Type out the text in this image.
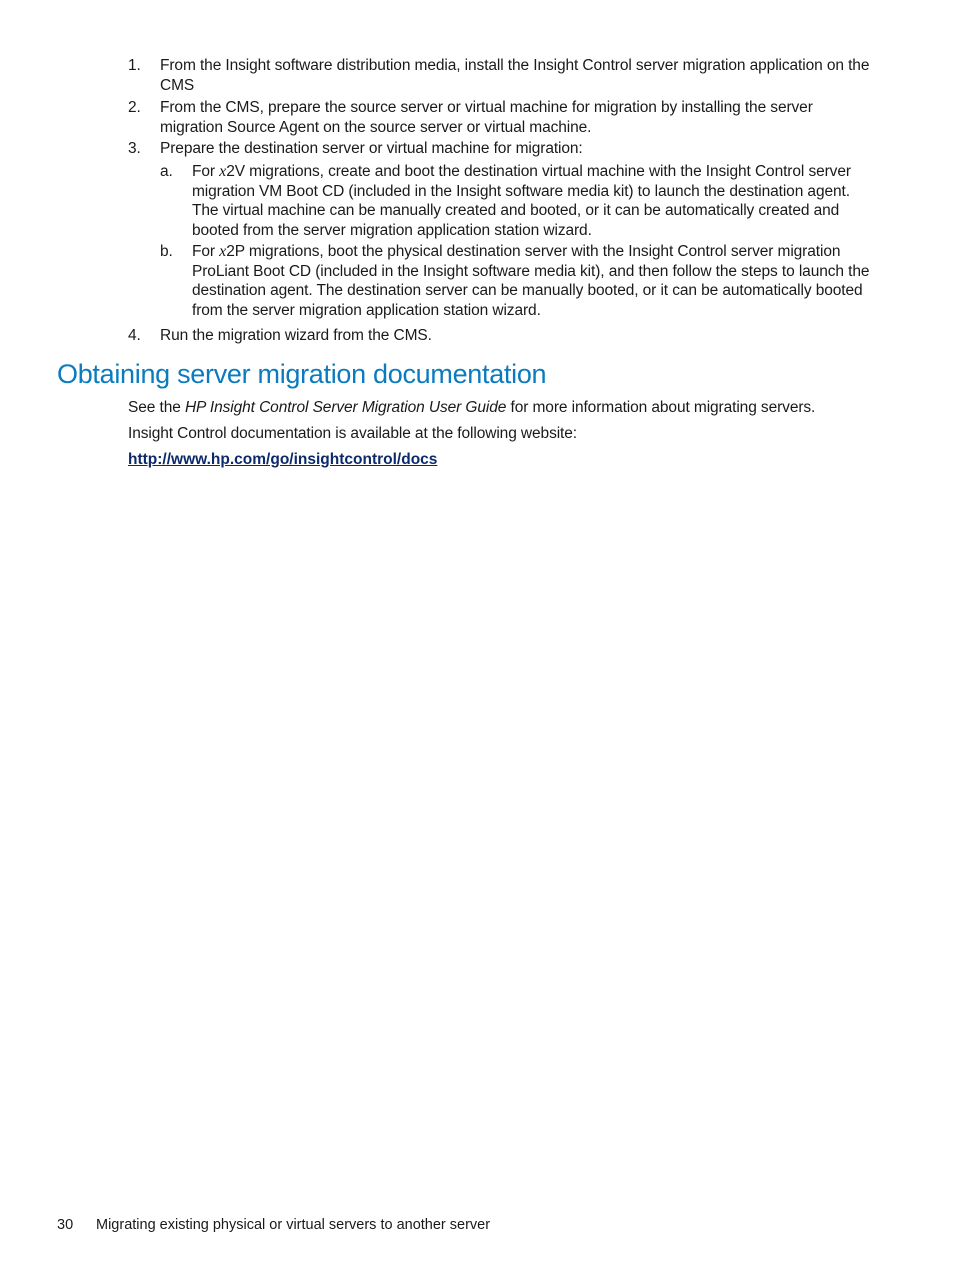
1. From the Insight software distribution media, install the Insight Control server migration application on the CMS
2. From the CMS, prepare the source server or virtual machine for migration by installing the server migration Source Agent on the source server or virtual machine.
3. Prepare the destination server or virtual machine for migration:
a. For x2V migrations, create and boot the destination virtual machine with the Insight Control server migration VM Boot CD (included in the Insight software media kit) to launch the destination agent. The virtual machine can be manually created and booted, or it can be automatically created and booted from the server migration application station wizard.
b. For x2P migrations, boot the physical destination server with the Insight Control server migration ProLiant Boot CD (included in the Insight software media kit), and then follow the steps to launch the destination agent. The destination server can be manually booted, or it can be automatically booted from the server migration application station wizard.
4. Run the migration wizard from the CMS.
Obtaining server migration documentation
See the HP Insight Control Server Migration User Guide for more information about migrating servers.
Insight Control documentation is available at the following website:
http://www.hp.com/go/insightcontrol/docs
30 Migrating existing physical or virtual servers to another server
